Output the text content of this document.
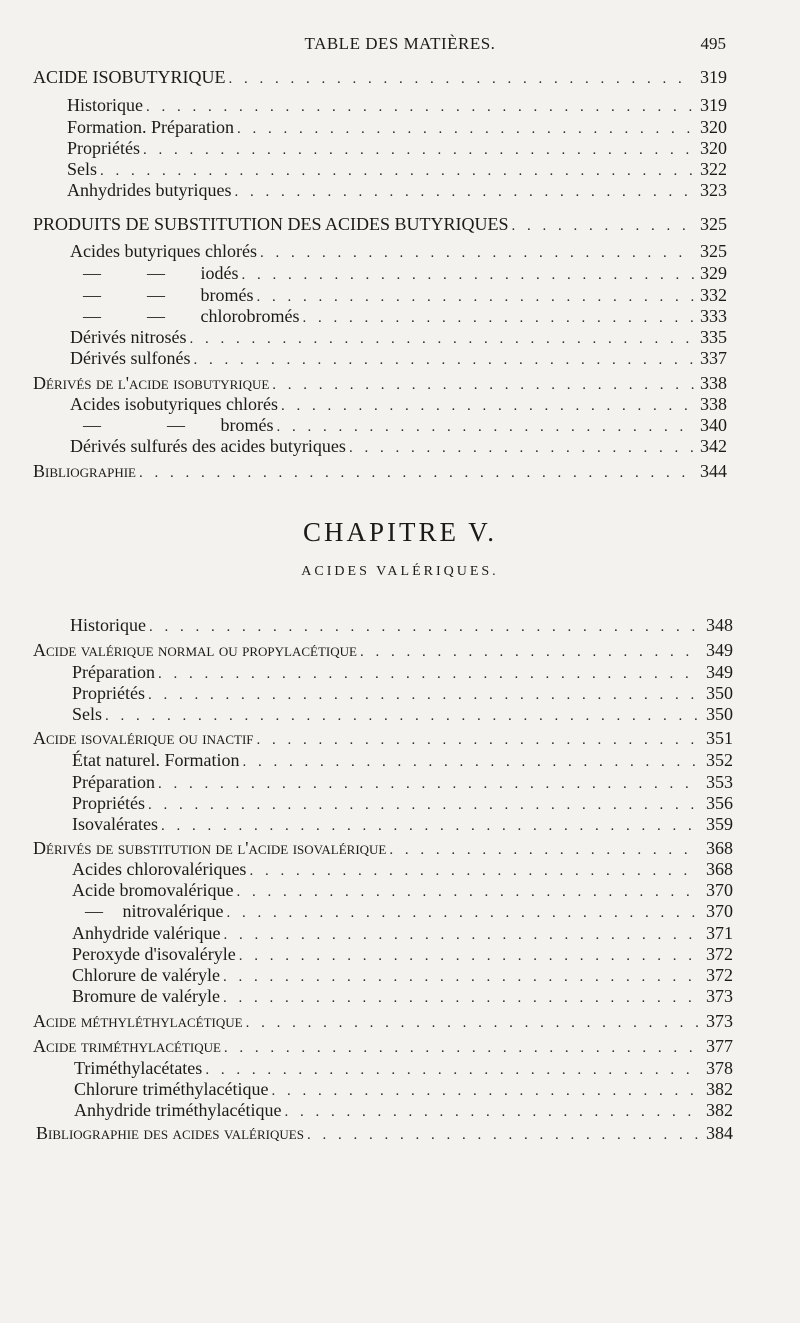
TABLE DES MATIÈRES.	495
ACIDE ISOBUTYRIQUE . . .	319
Historique . . .	319
Formation. Préparation . . .	320
Propriétés . . .	320
Sels . . .	322
Anhydrides butyriques . . .	323
PRODUITS DE SUBSTITUTION DES ACIDES BUTYRIQUES . . .	325
Acides butyriques chlorés . . .	325
—	— iodés . . .	329
—	— bromés . . .	332
—	— chlorobromés . . .	333
Dérivés nitrosés . . .	335
Dérivés sulfonés . . .	337
Dérivés de l'acide isobutyrique . . .	338
Acides isobutyriques chlorés . . .	338
—	— bromés . . .	340
Dérivés sulfurés des acides butyriques . . .	342
Bibliographie . . .	344
CHAPITRE V.
ACIDES VALÉRIQUES.
Historique . . .	348
Acide valérique normal ou propylacétique . . .	349
Préparation . . .	349
Propriétés . . .	350
Sels . . .	350
Acide isovalérique ou inactif . . .	351
État naturel. Formation . . .	352
Préparation . . .	353
Propriétés . . .	356
Isovalérates . . .	359
Dérivés de substitution de l'acide isovalérique . . .	368
Acides chlorovalériques . . .	368
Acide bromovalérique . . .	370
— nitrovalérique . . .	370
Anhydride valérique . . .	371
Peroxyde d'isovaléryle . . .	372
Chlorure de valéryle . . .	372
Bromure de valéryle . . .	373
Acide méthyléthylacétique . . .	373
Acide triméthylacétique . . .	377
Triméthylacétates . . .	378
Chlorure triméthylacétique . . .	382
Anhydride triméthylacétique . . .	382
Bibliographie des acides valériques . . .	384
